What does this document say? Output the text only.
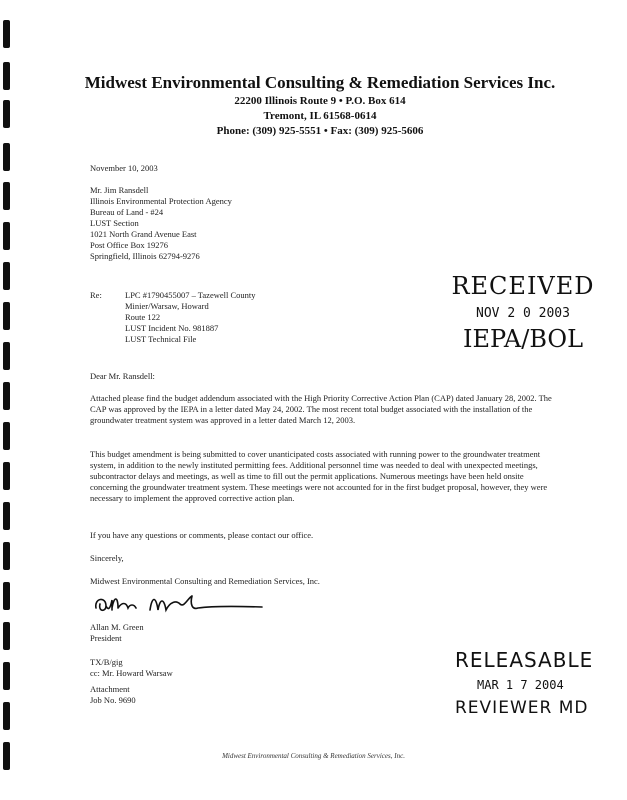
Midwest Environmental Consulting & Remediation Services Inc.
22200 Illinois Route 9 • P.O. Box 614
Tremont, IL 61568-0614
Phone: (309) 925-5551 • Fax: (309) 925-5606
November 10, 2003
Mr. Jim Ransdell
Illinois Environmental Protection Agency
Bureau of Land - #24
LUST Section
1021 North Grand Avenue East
Post Office Box 19276
Springfield, Illinois 62794-9276
Re:	LPC #1790455007 – Tazewell County
Minier/Warsaw, Howard
Route 122
LUST Incident No. 981887
LUST Technical File
RECEIVED
NOV 2 0 2003
IEPA/BOL
Dear Mr. Ransdell:
Attached please find the budget addendum associated with the High Priority Corrective Action Plan (CAP) dated January 28, 2002. The CAP was approved by the IEPA in a letter dated May 24, 2002. The most recent total budget associated with the installation of the groundwater treatment system was approved in a letter dated March 12, 2003.
This budget amendment is being submitted to cover unanticipated costs associated with running power to the groundwater treatment system, in addition to the newly instituted permitting fees. Additional personnel time was needed to deal with unexpected meetings, subcontractor delays and meetings, as well as time to fill out the permit applications. Numerous meetings have been held onsite concerning the groundwater treatment system. These meetings were not accounted for in the first budget proposal, however, they were necessary to implement the approved corrective action plan.
If you have any questions or comments, please contact our office.
Sincerely,
Midwest Environmental Consulting and Remediation Services, Inc.
Allan M. Green
President
TX/B/gig
cc: Mr. Howard Warsaw
Attachment
Job No. 9690
RELEASABLE
MAR 1 7 2004
REVIEWER MD
Midwest Environmental Consulting & Remediation Services, Inc.
